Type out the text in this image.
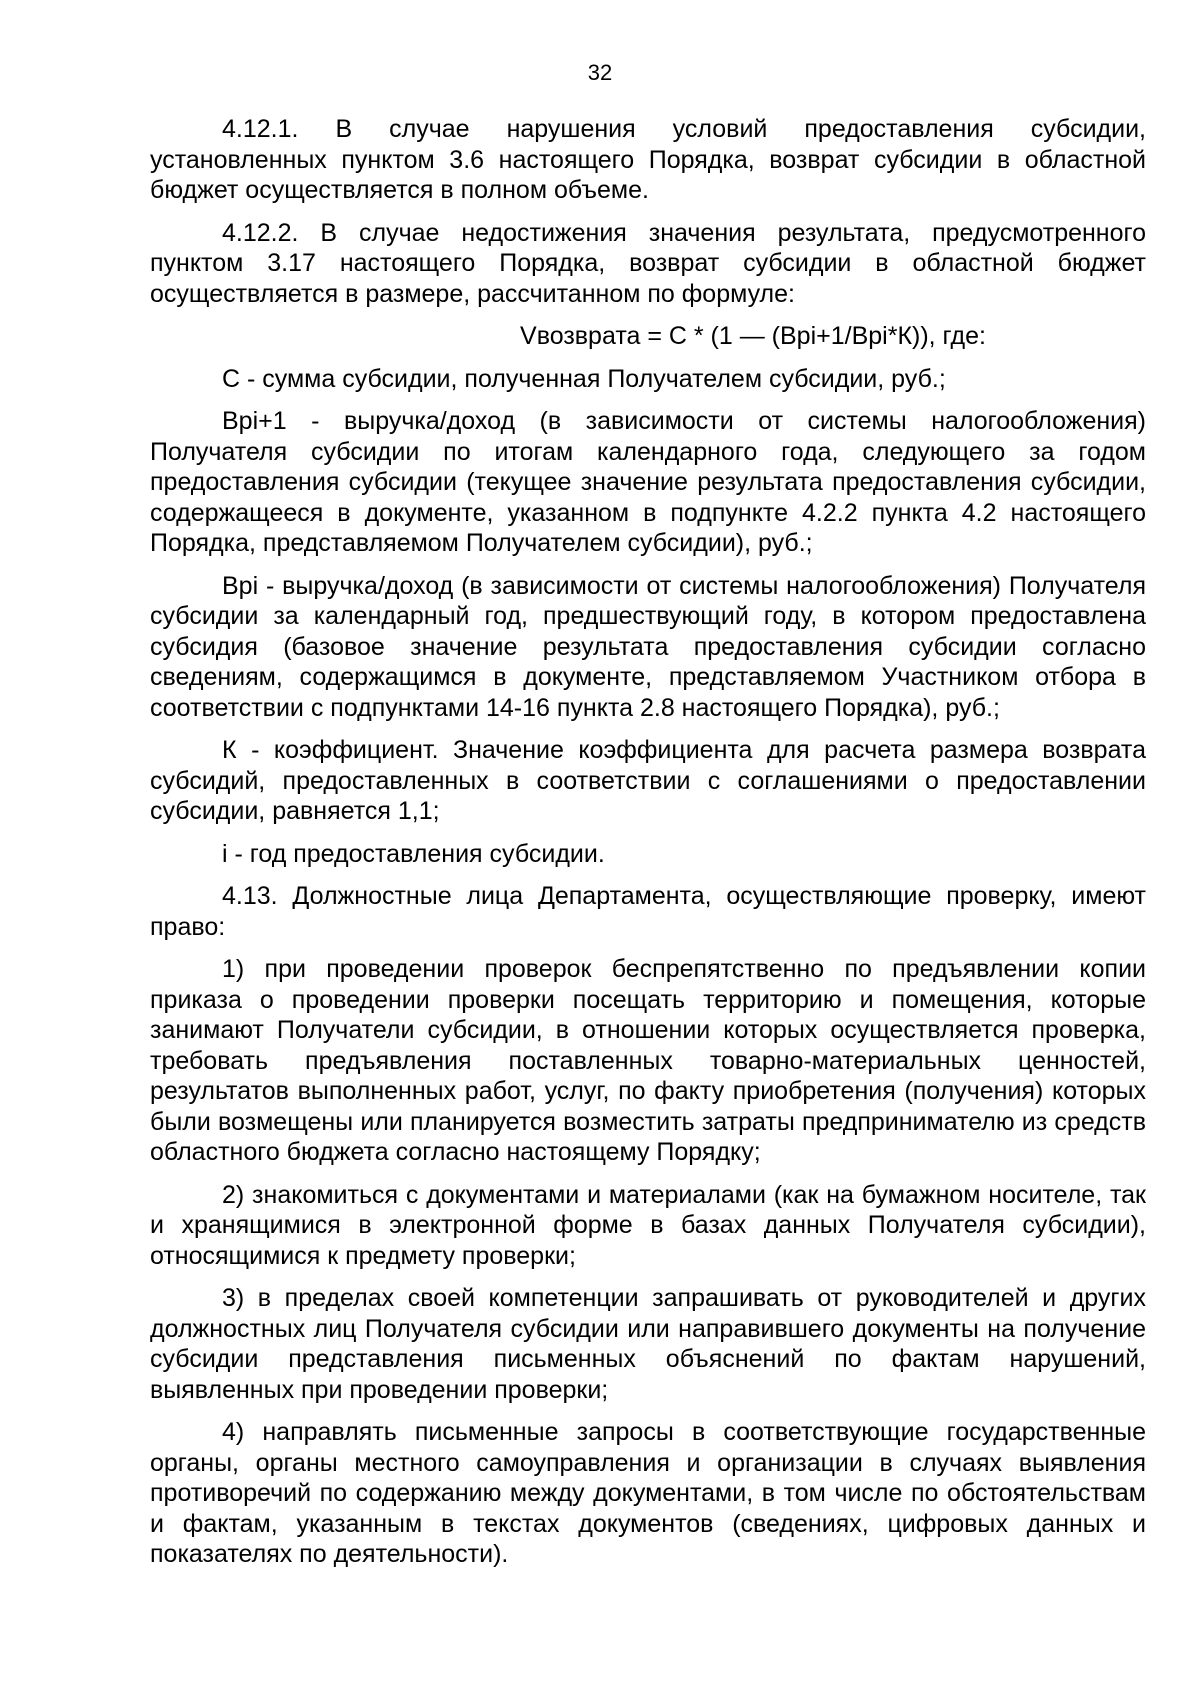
32

4.12.1. В случае нарушения условий предоставления субсидии, установленных пунктом 3.6 настоящего Порядка, возврат субсидии в областной бюджет осуществляется в полном объеме.

4.12.2. В случае недостижения значения результата, предусмотренного пунктом 3.17 настоящего Порядка, возврат субсидии в областной бюджет осуществляется в размере, рассчитанном по формуле:

Vвозврата = С * (1 — (Врi+1/Врi*К)), где:

С - сумма субсидии, полученная Получателем субсидии, руб.;

Врi+1 - выручка/доход (в зависимости от системы налогообложения) Получателя субсидии по итогам календарного года, следующего за годом предоставления субсидии (текущее значение результата предоставления субсидии, содержащееся в документе, указанном в подпункте 4.2.2 пункта 4.2 настоящего Порядка, представляемом Получателем субсидии), руб.;

Врi - выручка/доход (в зависимости от системы налогообложения) Получателя субсидии за календарный год, предшествующий году, в котором предоставлена субсидия (базовое значение результата предоставления субсидии согласно сведениям, содержащимся в документе, представляемом Участником отбора в соответствии с подпунктами 14-16 пункта 2.8 настоящего Порядка), руб.;

К - коэффициент. Значение коэффициента для расчета размера возврата субсидий, предоставленных в соответствии с соглашениями о предоставлении субсидии, равняется 1,1;

i - год предоставления субсидии.

4.13. Должностные лица Департамента, осуществляющие проверку, имеют право:

1) при проведении проверок беспрепятственно по предъявлении копии приказа о проведении проверки посещать территорию и помещения, которые занимают Получатели субсидии, в отношении которых осуществляется проверка, требовать предъявления поставленных товарно-материальных ценностей, результатов выполненных работ, услуг, по факту приобретения (получения) которых были возмещены или планируется возместить затраты предпринимателю из средств областного бюджета согласно настоящему Порядку;

2) знакомиться с документами и материалами (как на бумажном носителе, так и хранящимися в электронной форме в базах данных Получателя субсидии), относящимися к предмету проверки;

3) в пределах своей компетенции запрашивать от руководителей и других должностных лиц Получателя субсидии или направившего документы на получение субсидии представления письменных объяснений по фактам нарушений, выявленных при проведении проверки;

4) направлять письменные запросы в соответствующие государственные органы, органы местного самоуправления и организации в случаях выявления противоречий по содержанию между документами, в том числе по обстоятельствам и фактам, указанным в текстах документов (сведениях, цифровых данных и показателях по деятельности).
